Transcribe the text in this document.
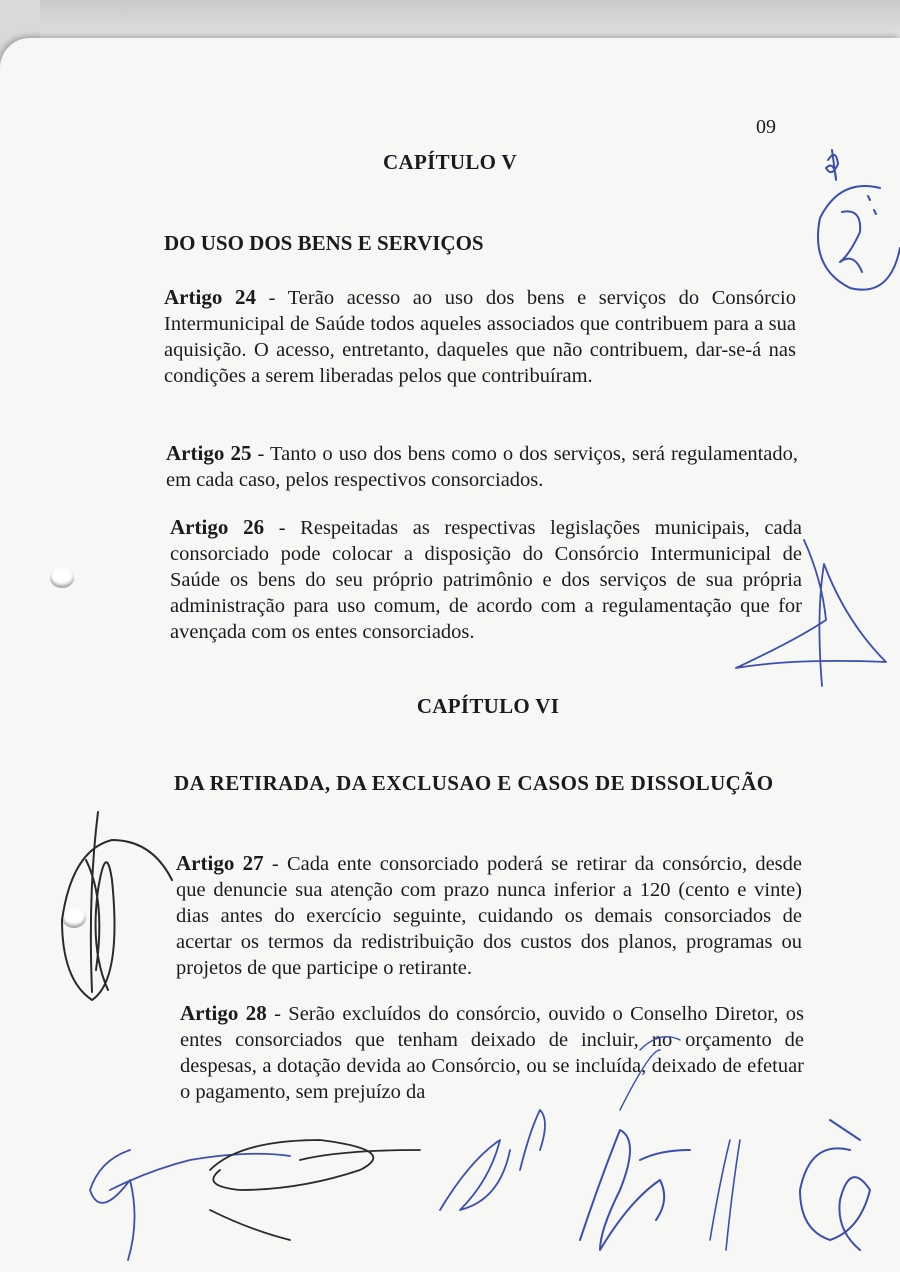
09
CAPÍTULO V
DO USO DOS BENS E SERVIÇOS
Artigo 24 - Terão acesso ao uso dos bens e serviços do Consórcio Intermunicipal de Saúde todos aqueles associados que contribuem para a sua aquisição. O acesso, entretanto, daqueles que não contribuem, dar-se-á nas condições a serem liberadas pelos que contribuíram.
Artigo 25 - Tanto o uso dos bens como o dos serviços, será regulamentado, em cada caso, pelos respectivos consorciados.
Artigo 26 - Respeitadas as respectivas legislações municipais, cada consorciado pode colocar a disposição do Consórcio Intermunicipal de Saúde os bens do seu próprio patrimônio e dos serviços de sua própria administração para uso comum, de acordo com a regulamentação que for avençada com os entes consorciados.
CAPÍTULO VI
DA RETIRADA, DA EXCLUSAO E CASOS DE DISSOLUÇÃO
Artigo 27 - Cada ente consorciado poderá se retirar da consórcio, desde que denuncie sua atenção com prazo nunca inferior a 120 (cento e vinte) dias antes do exercício seguinte, cuidando os demais consorciados de acertar os termos da redistribuição dos custos dos planos, programas ou projetos de que participe o retirante.
Artigo 28 - Serão excluídos do consórcio, ouvido o Conselho Diretor, os entes consorciados que tenham deixado de incluir, no orçamento de despesas, a dotação devida ao Consórcio, ou se incluída, deixado de efetuar o pagamento, sem prejuízo da
